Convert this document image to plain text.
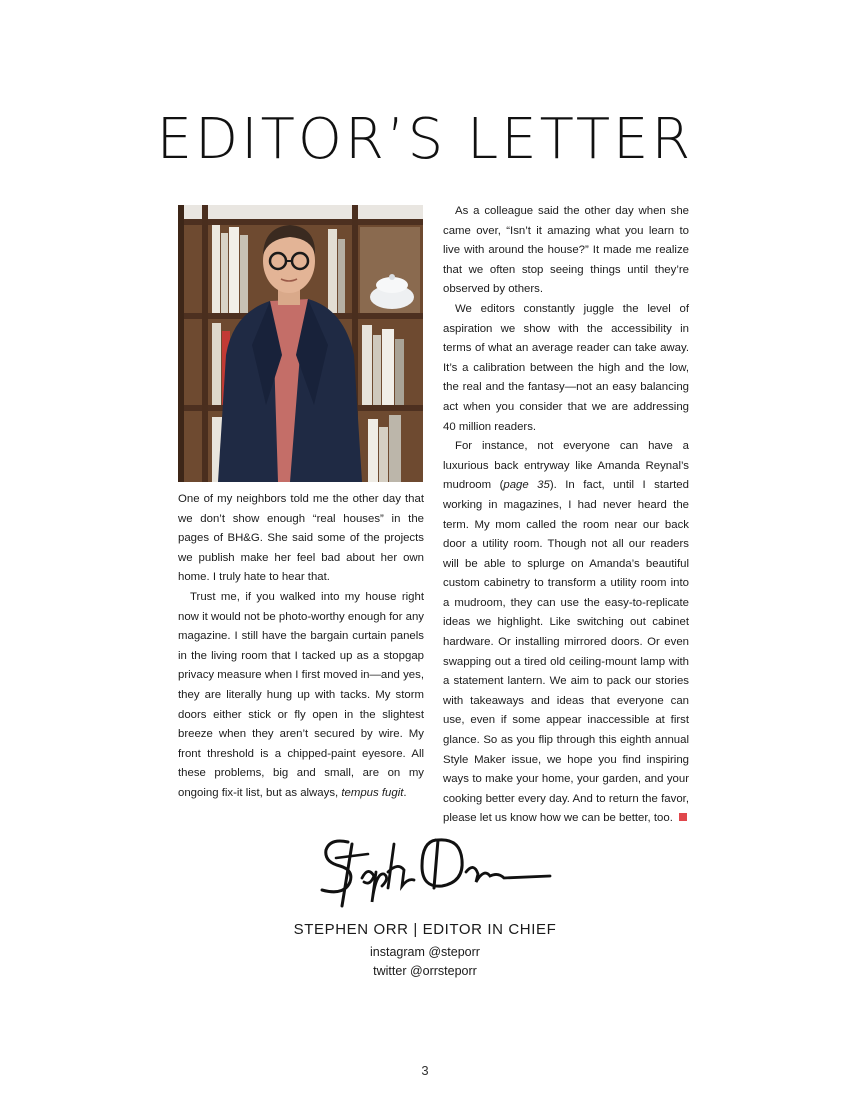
EDITOR’S LETTER

One of my neighbors told me the other day that we don’t show enough “real houses” in the pages of BH&G. She said some of the projects we publish make her feel bad about her own home. I truly hate to hear that.

Trust me, if you walked into my house right now it would not be photo-worthy enough for any magazine. I still have the bargain curtain panels in the living room that I tacked up as a stopgap privacy measure when I first moved in—and yes, they are literally hung up with tacks. My storm doors either stick or fly open in the slightest breeze when they aren’t secured by wire. My front threshold is a chipped-paint eyesore. All these problems, big and small, are on my ongoing fix-it list, but as always, tempus fugit.

As a colleague said the other day when she came over, “Isn’t it amazing what you learn to live with around the house?” It made me realize that we often stop seeing things until they’re observed by others.

We editors constantly juggle the level of aspiration we show with the accessibility in terms of what an average reader can take away. It’s a calibration between the high and the low, the real and the fantasy—not an easy balancing act when you consider that we are addressing 40 million readers.

For instance, not everyone can have a luxurious back entryway like Amanda Reynal’s mudroom (page 35). In fact, until I started working in magazines, I had never heard the term. My mom called the room near our back door a utility room. Though not all our readers will be able to splurge on Amanda’s beautiful custom cabinetry to transform a utility room into a mudroom, they can use the easy-to-replicate ideas we highlight. Like switching out cabinet hardware. Or installing mirrored doors. Or even swapping out a tired old ceiling-mount lamp with a statement lantern. We aim to pack our stories with takeaways and ideas that everyone can use, even if some appear inaccessible at first glance. So as you flip through this eighth annual Style Maker issue, we hope you find inspiring ways to make your home, your garden, and your cooking better every day. And to return the favor, please let us know how we can be better, too.

STEPHEN ORR | EDITOR IN CHIEF
instagram @steporr
twitter @orrsteporr
3
